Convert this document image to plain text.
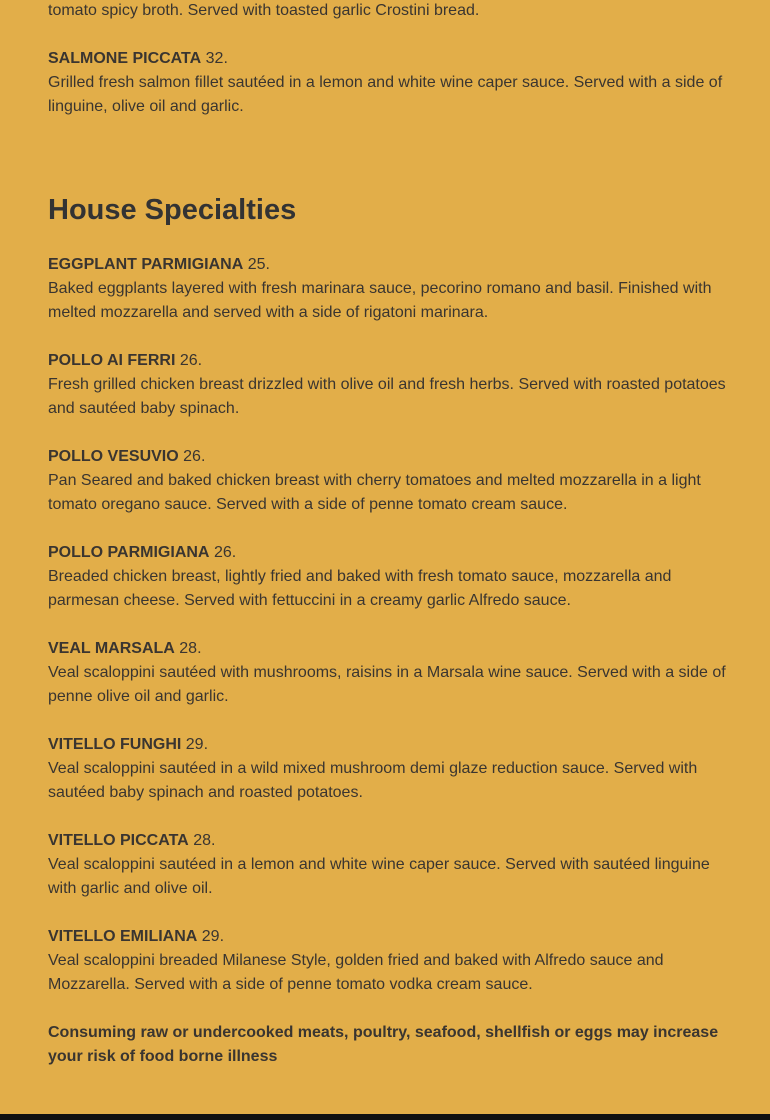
tomato spicy broth. Served with toasted garlic Crostini bread.
SALMONE PICCATA 32.

Grilled fresh salmon fillet sautéed in a lemon and white wine caper sauce. Served with a side of linguine, olive oil and garlic.

House Specialties
EGGPLANT PARMIGIANA 25.

Baked eggplants layered with fresh marinara sauce, pecorino romano and basil. Finished with melted mozzarella and served with a side of rigatoni marinara.

POLLO AI FERRI 26.

Fresh grilled chicken breast drizzled with olive oil and fresh herbs. Served with roasted potatoes and sautéed baby spinach.

POLLO VESUVIO 26.

Pan Seared and baked chicken breast with cherry tomatoes and melted mozzarella in a light tomato oregano sauce. Served with a side of penne tomato cream sauce.

POLLO PARMIGIANA 26.

Breaded chicken breast, lightly fried and baked with fresh tomato sauce, mozzarella and parmesan cheese. Served with fettuccini in a creamy garlic Alfredo sauce.

VEAL MARSALA 28.

Veal scaloppini sautéed with mushrooms, raisins in a Marsala wine sauce. Served with a side of penne olive oil and garlic.

VITELLO FUNGHI 29.

Veal scaloppini sautéed in a wild mixed mushroom demi glaze reduction sauce. Served with sautéed baby spinach and roasted potatoes.

VITELLO PICCATA 28.

Veal scaloppini sautéed in a lemon and white wine caper sauce. Served with sautéed linguine with garlic and olive oil.

VITELLO EMILIANA 29.

Veal scaloppini breaded Milanese Style, golden fried and baked with Alfredo sauce and Mozzarella. Served with a side of penne tomato vodka cream sauce.

Consuming raw or undercooked meats, poultry, seafood, shellfish or eggs may increase your risk of food borne illness
